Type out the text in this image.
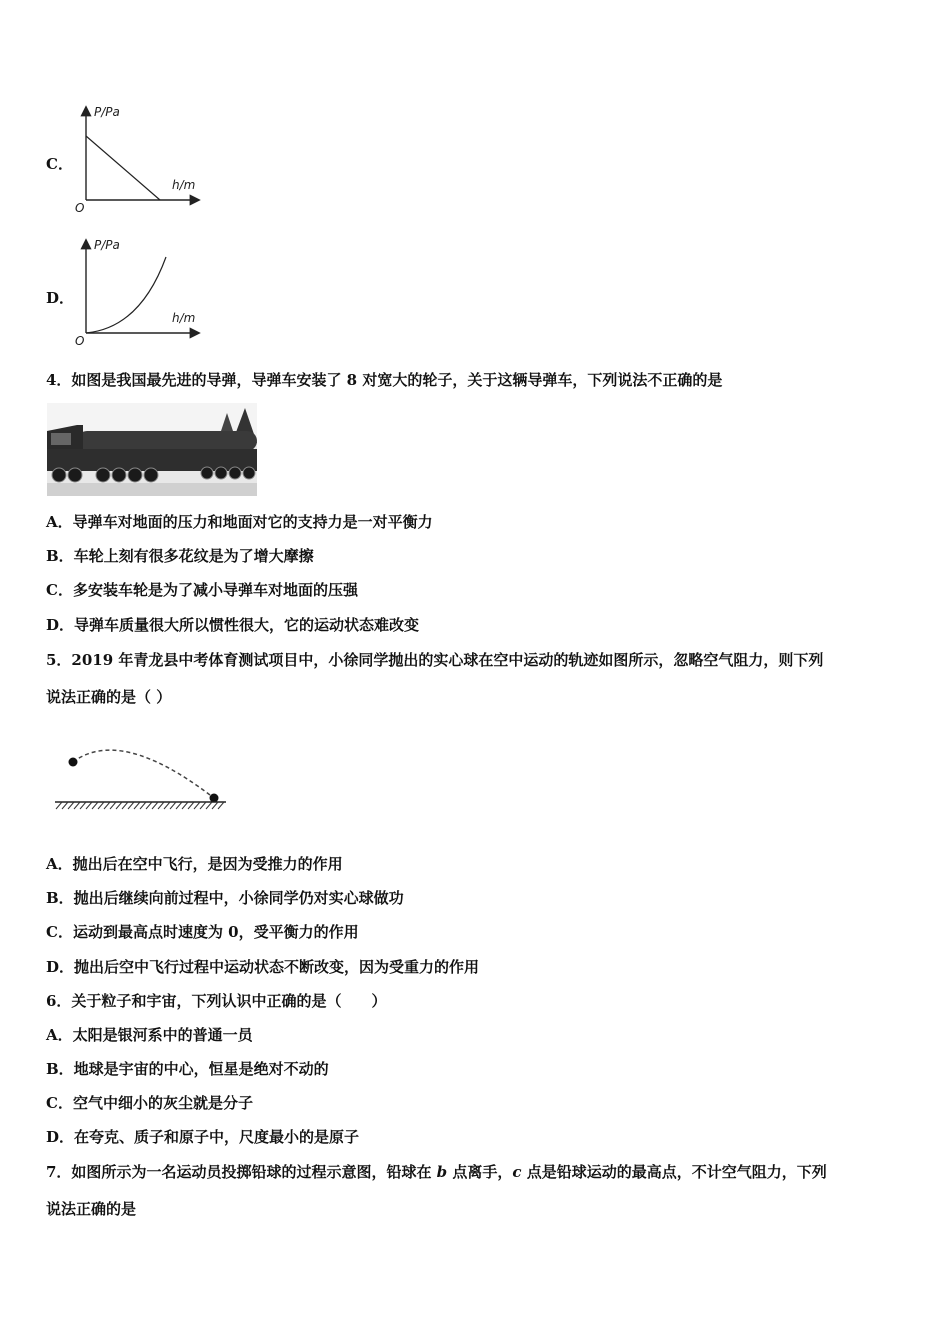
C．
P/Pa
h/m
O
D．
P/Pa
h/m
O
4．如图是我国最先进的导弹，导弹车安装了 8 对宽大的轮子，关于这辆导弹车，下列说法不正确的是
A．导弹车对地面的压力和地面对它的支持力是一对平衡力
B．车轮上刻有很多花纹是为了增大摩擦
C．多安装车轮是为了减小导弹车对地面的压强
D．导弹车质量很大所以惯性很大，它的运动状态难改变
5．2019 年青龙县中考体育测试项目中，小徐同学抛出的实心球在空中运动的轨迹如图所示，忽略空气阻力，则下列
说法正确的是（ ）
A．抛出后在空中飞行，是因为受推力的作用
B．抛出后继续向前过程中，小徐同学仍对实心球做功
C．运动到最高点时速度为 0，受平衡力的作用
D．抛出后空中飞行过程中运动状态不断改变，因为受重力的作用
6．关于粒子和宇宙，下列认识中正确的是（　　）
A．太阳是银河系中的普通一员
B．地球是宇宙的中心，恒星是绝对不动的
C．空气中细小的灰尘就是分子
D．在夸克、质子和原子中，尺度最小的是原子
7．如图所示为一名运动员投掷铅球的过程示意图，铅球在 b 点离手，c 点是铅球运动的最高点，不计空气阻力，下列
说法正确的是
